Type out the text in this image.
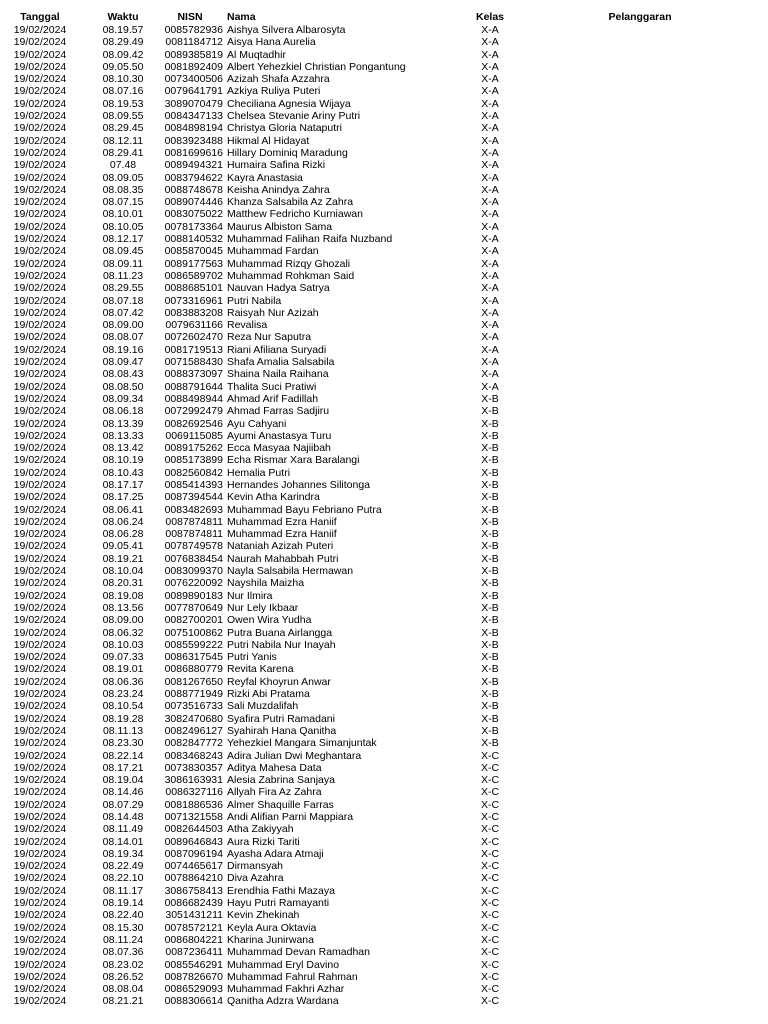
Tanggal	Waktu	NISN	Nama	Kelas	Pelanggaran
19/02/2024	08.19.57	0085782936 Aishya Silvera Albarosyta	X-A
19/02/2024	08.29.49	0081184712 Aisya Hana Aurelia	X-A
19/02/2024	08.09.42	0089385819 Al Muqtadhir	X-A
19/02/2024	09.05.50	0081892409 Albert Yehezkiel Christian Pongantung	X-A
19/02/2024	08.10.30	0073400506 Azizah Shafa Azzahra	X-A
19/02/2024	08.07.16	0079641791 Azkiya Ruliya Puteri	X-A
19/02/2024	08.19.53	3089070479 Checiliana Agnesia Wijaya	X-A
19/02/2024	08.09.55	0084347133 Chelsea Stevanie Ariny Putri	X-A
19/02/2024	08.29.45	0084898194 Christya Gloria Nataputri	X-A
19/02/2024	08.12.11	0083923488 Hikmal Al Hidayat	X-A
19/02/2024	08.29.41	0081699616 Hillary Dominiq Maradung	X-A
19/02/2024	07.48	0089494321 Humaira Safina Rizki	X-A
19/02/2024	08.09.05	0083794622 Kayra Anastasia	X-A
19/02/2024	08.08.35	0088748678 Keisha Anindya Zahra	X-A
19/02/2024	08.07.15	0089074446 Khanza Salsabila Az Zahra	X-A
19/02/2024	08.10.01	0083075022 Matthew Fedricho Kurniawan	X-A
19/02/2024	08.10.05	0078173364 Maurus Albiston Sama	X-A
19/02/2024	08.12.17	0088140532 Muhammad Falihan Raifa Nuzband	X-A
19/02/2024	08.09.45	0085870045 Muhammad Fardan	X-A
19/02/2024	08.09.11	0089177563 Muhammad Rizqy Ghozali	X-A
19/02/2024	08.11.23	0086589702 Muhammad Rohkman Said	X-A
19/02/2024	08.29.55	0088685101 Nauvan Hadya Satrya	X-A
19/02/2024	08.07.18	0073316961 Putri Nabila	X-A
19/02/2024	08.07.42	0083883208 Raisyah Nur Azizah	X-A
19/02/2024	08.09.00	0079631166 Revalisa	X-A
19/02/2024	08.08.07	0072602470 Reza Nur Saputra	X-A
19/02/2024	08.19.16	0081719513 Riani Afiliana Suryadi	X-A
19/02/2024	08.09.47	0071588430 Shafa Amalia Salsabila	X-A
19/02/2024	08.08.43	0088373097 Shaina Naila Raihana	X-A
19/02/2024	08.08.50	0088791644 Thalita Suci Pratiwi	X-A
19/02/2024	08.09.34	0088498944 Ahmad Arif Fadillah	X-B
19/02/2024	08.06.18	0072992479 Ahmad Farras Sadjiru	X-B
19/02/2024	08.13.39	0082692546 Ayu Cahyani	X-B
19/02/2024	08.13.33	0069115085 Ayumi Anastasya Turu	X-B
19/02/2024	08.13.42	0089175262 Ecca Masyaa Najiibah	X-B
19/02/2024	08.10.19	0085173899 Echa Rismar Xara Baralangi	X-B
19/02/2024	08.10.43	0082560842 Hemalia Putri	X-B
19/02/2024	08.17.17	0085414393 Hernandes Johannes Silitonga	X-B
19/02/2024	08.17.25	0087394544 Kevin Atha Karindra	X-B
19/02/2024	08.06.41	0083482693 Muhammad Bayu Febriano Putra	X-B
19/02/2024	08.06.24	0087874811 Muhammad Ezra Haniif	X-B
19/02/2024	08.06.28	0087874811 Muhammad Ezra Haniif	X-B
19/02/2024	09.05.41	0078749578 Nataniah Azizah Puteri	X-B
19/02/2024	08.19.21	0076838454 Naurah Mahabbah Putri	X-B
19/02/2024	08.10.04	0083099370 Nayla Salsabila Hermawan	X-B
19/02/2024	08.20.31	0076220092 Nayshila Maizha	X-B
19/02/2024	08.19.08	0089890183 Nur Ilmira	X-B
19/02/2024	08.13.56	0077870649 Nur Lely Ikbaar	X-B
19/02/2024	08.09.00	0082700201 Owen Wira Yudha	X-B
19/02/2024	08.06.32	0075100862 Putra Buana Airlangga	X-B
19/02/2024	08.10.03	0085599222 Putri Nabila Nur Inayah	X-B
19/02/2024	09.07.33	0086317545 Putri Yanis	X-B
19/02/2024	08.19.01	0086880779 Revita Karena	X-B
19/02/2024	08.06.36	0081267650 Reyfal Khoyrun Anwar	X-B
19/02/2024	08.23.24	0088771949 Rizki Abi Pratama	X-B
19/02/2024	08.10.54	0073516733 Sali Muzdalifah	X-B
19/02/2024	08.19.28	3082470680 Syafira Putri Ramadani	X-B
19/02/2024	08.11.13	0082496127 Syahirah Hana Qanitha	X-B
19/02/2024	08.23.30	0082847772 Yehezkiel Mangara Simanjuntak	X-B
19/02/2024	08.22.14	0083468243 Adira Julian Dwi Meghantara	X-C
19/02/2024	08.17.21	0073830357 Aditya Mahesa Data	X-C
19/02/2024	08.19.04	3086163931 Alesia Zabrina Sanjaya	X-C
19/02/2024	08.14.46	0086327116 Allyah Fira Az Zahra	X-C
19/02/2024	08.07.29	0081886536 Almer Shaquille Farras	X-C
19/02/2024	08.14.48	0071321558 Andi Alifian Parni Mappiara	X-C
19/02/2024	08.11.49	0082644503 Atha Zakiyyah	X-C
19/02/2024	08.14.01	0089646843 Aura Rizki Tariti	X-C
19/02/2024	08.19.34	0087096194 Ayasha Adara Atmaji	X-C
19/02/2024	08.22.49	0074465617 Dirmansyah	X-C
19/02/2024	08.22.10	0078864210 Diva Azahra	X-C
19/02/2024	08.11.17	3086758413 Erendhia Fathi Mazaya	X-C
19/02/2024	08.19.14	0086682439 Hayu Putri Ramayanti	X-C
19/02/2024	08.22.40	3051431211 Kevin Zhekinah	X-C
19/02/2024	08.15.30	0078572121 Keyla Aura Oktavia	X-C
19/02/2024	08.11.24	0086804221 Kharina Junirwana	X-C
19/02/2024	08.07.36	0087236411 Muhammad Devan Ramadhan	X-C
19/02/2024	08.23.02	0085546291 Muhammad Eryl Davino	X-C
19/02/2024	08.26.52	0087826670 Muhammad Fahrul Rahman	X-C
19/02/2024	08.08.04	0086529093 Muhammad Fakhri Azhar	X-C
19/02/2024	08.21.21	0088306614 Qanitha Adzra Wardana	X-C
